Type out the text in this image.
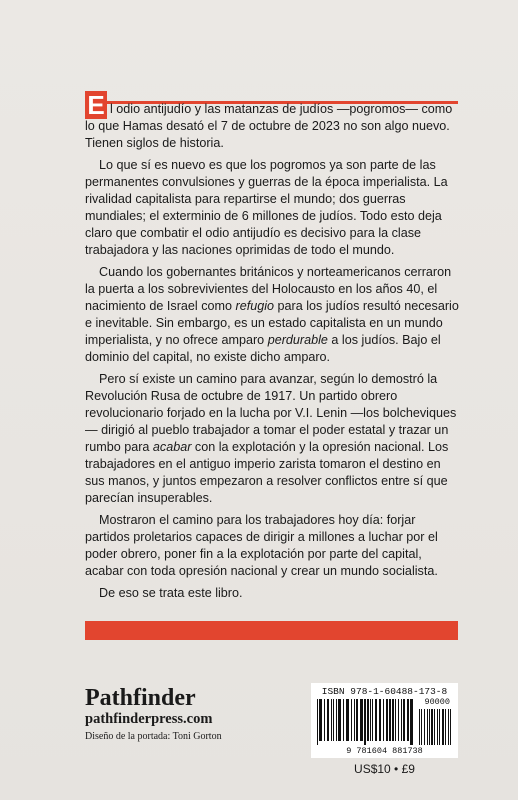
E l odio antijudío y las matanzas de judíos —pogromos— como lo que Hamas desató el 7 de octubre de 2023 no son algo nuevo. Tienen siglos de historia.

Lo que sí es nuevo es que los pogromos ya son parte de las permanentes convulsiones y guerras de la época imperialista. La rivalidad capitalista para repartirse el mundo; dos guerras mundiales; el exterminio de 6 millones de judíos. Todo esto deja claro que combatir el odio antijudío es decisivo para la clase trabajadora y las naciones oprimidas de todo el mundo.

Cuando los gobernantes británicos y norteamericanos cerraron la puerta a los sobrevivientes del Holocausto en los años 40, el nacimiento de Israel como refugio para los judíos resultó necesario e inevitable. Sin embargo, es un estado capitalista en un mundo imperialista, y no ofrece amparo perdurable a los judíos. Bajo el dominio del capital, no existe dicho amparo.

Pero sí existe un camino para avanzar, según lo demostró la Revolución Rusa de octubre de 1917. Un partido obrero revolucionario forjado en la lucha por V.I. Lenin —los bolcheviques— dirigió al pueblo trabajador a tomar el poder estatal y trazar un rumbo para acabar con la explotación y la opresión nacional. Los trabajadores en el antiguo imperio zarista tomaron el destino en sus manos, y juntos empezaron a resolver conflictos entre sí que parecían insuperables.

Mostraron el camino para los trabajadores hoy día: forjar partidos proletarios capaces de dirigir a millones a luchar por el poder obrero, poner fin a la explotación por parte del capital, acabar con toda opresión nacional y crear un mundo socialista.

De eso se trata este libro.

Pathfinder
pathfinderpress.com
Diseño de la portada: Toni Gorton
ISBN 978-1-60488-173-8
9 781604 881738
90000
US$10 • £9
